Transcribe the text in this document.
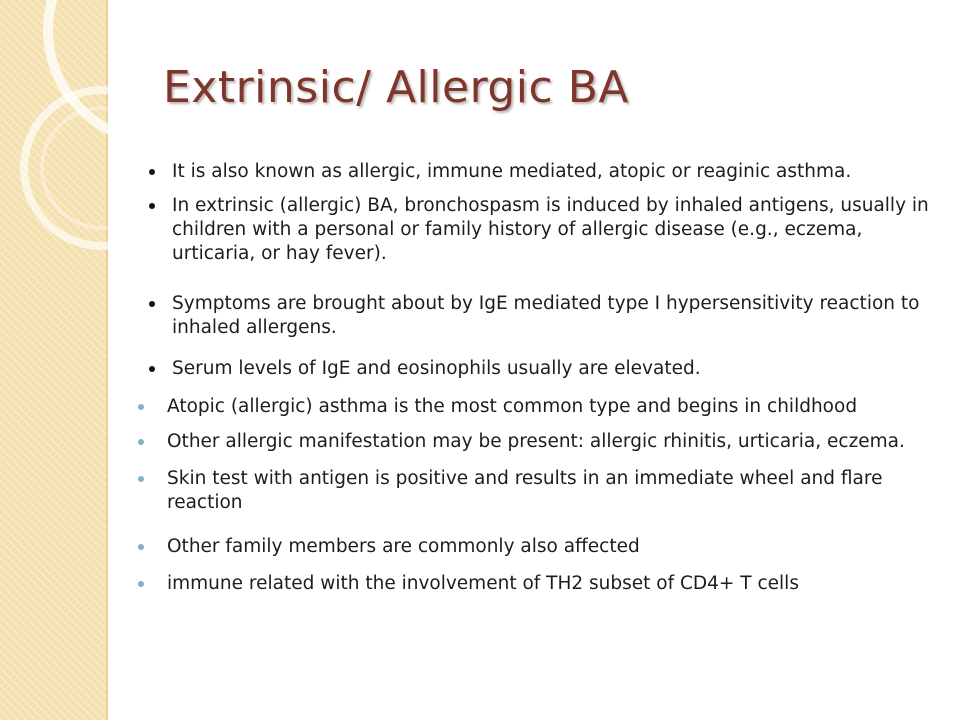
Extrinsic/ Allergic BA
It is also known as allergic, immune mediated, atopic or reaginic asthma.
In extrinsic (allergic) BA, bronchospasm is induced by inhaled antigens, usually in children with a personal or family history of allergic disease (e.g., eczema, urticaria, or hay fever).
Symptoms are brought about by IgE mediated type I hypersensitivity reaction to inhaled allergens.
Serum levels of IgE and eosinophils usually are elevated.
Atopic (allergic) asthma is the most common type and begins in childhood
Other allergic manifestation may be present: allergic rhinitis, urticaria, eczema.
Skin test with antigen is positive and results in an immediate wheel and flare reaction
Other family members are commonly also affected
immune related with the involvement of TH2 subset of CD4+ T cells
